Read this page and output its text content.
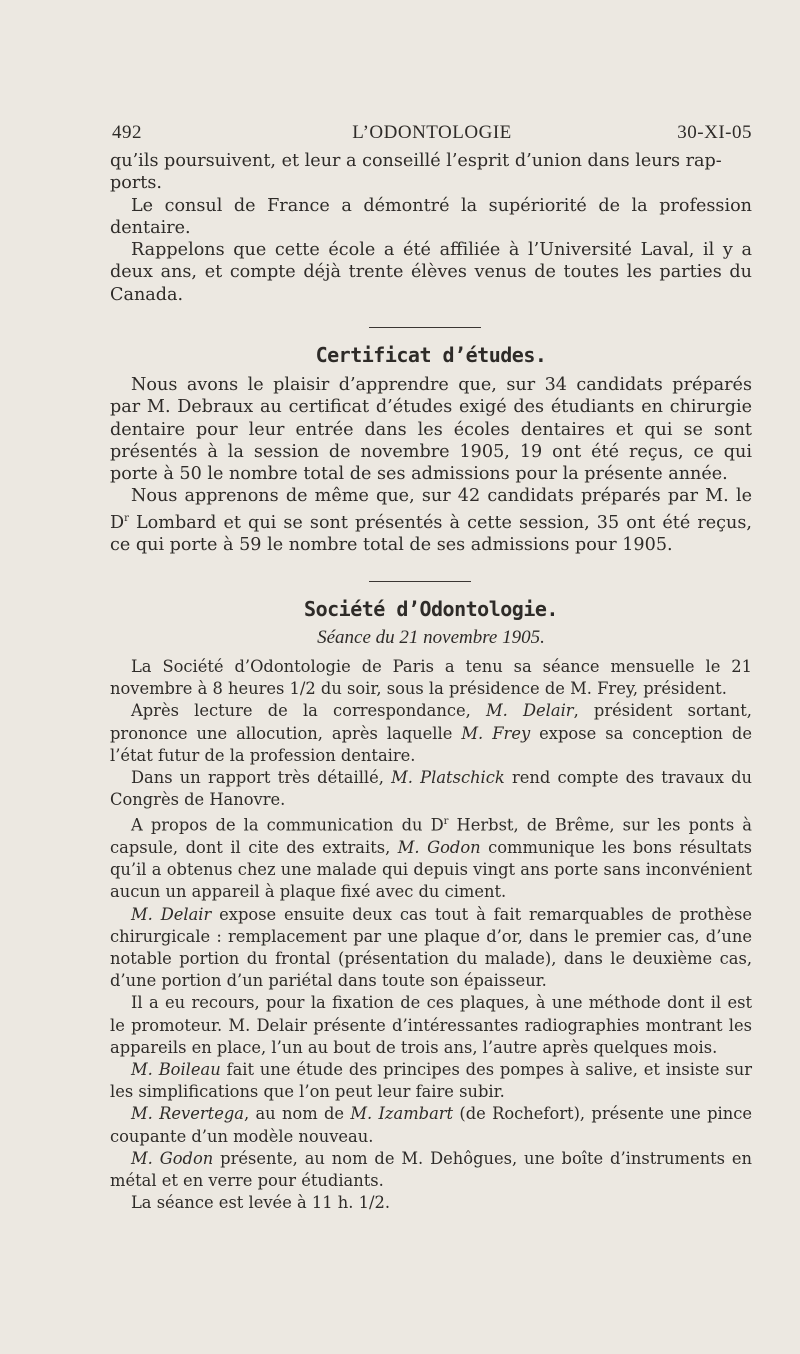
492	L’ODONTOLOGIE	30-XI-05

qu’ils poursuivent, et leur a conseillé l’esprit d’union dans leurs rap-
ports.

Le consul de France a démontré la supériorité de la profession dentaire.

Rappelons que cette école a été affiliée à l’Université Laval, il y a deux ans, et compte déjà trente élèves venus de toutes les parties du Canada.

Certificat d’études.

Nous avons le plaisir d’apprendre que, sur 34 candidats préparés par M. Debraux au certificat d’études exigé des étudiants en chirurgie dentaire pour leur entrée dans les écoles dentaires et qui se sont présentés à la session de novembre 1905, 19 ont été reçus, ce qui porte à 50 le nombre total de ses admissions pour la présente année.

Nous apprenons de même que, sur 42 candidats préparés par M. le $D^r$ Lombard et qui se sont présentés à cette session, 35 ont été reçus, ce qui porte à 59 le nombre total de ses admissions pour 1905.

Société d’Odontologie.
Séance du 21 novembre 1905.

La Société d’Odontologie de Paris a tenu sa séance mensuelle le 21 novembre à 8 heures 1/2 du soir, sous la présidence de M. Frey, président.

Après lecture de la correspondance, M. Delair, président sortant, prononce une allocution, après laquelle M. Frey expose sa conception de l’état futur de la profession dentaire.

Dans un rapport très détaillé, M. Platschick rend compte des travaux du Congrès de Hanovre.

A propos de la communication du $D^r$ Herbst, de Brême, sur les ponts à capsule, dont il cite des extraits, M. Godon communique les bons résultats qu’il a obtenus chez une malade qui depuis vingt ans porte sans inconvénient aucun un appareil à plaque fixé avec du ciment.

M. Delair expose ensuite deux cas tout à fait remarquables de prothèse chirurgicale : remplacement par une plaque d’or, dans le premier cas, d’une notable portion du frontal (présentation du malade), dans le deuxième cas, d’une portion d’un pariétal dans toute son épaisseur.

Il a eu recours, pour la fixation de ces plaques, à une méthode dont il est le promoteur. M. Delair présente d’intéressantes radiographies montrant les appareils en place, l’un au bout de trois ans, l’autre après quelques mois.

M. Boileau fait une étude des principes des pompes à salive, et insiste sur les simplifications que l’on peut leur faire subir.

M. Revertega, au nom de M. Izambart (de Rochefort), présente une pince coupante d’un modèle nouveau.

M. Godon présente, au nom de M. Dehôgues, une boîte d’instruments en métal et en verre pour étudiants.

La séance est levée à 11 h. 1/2.
